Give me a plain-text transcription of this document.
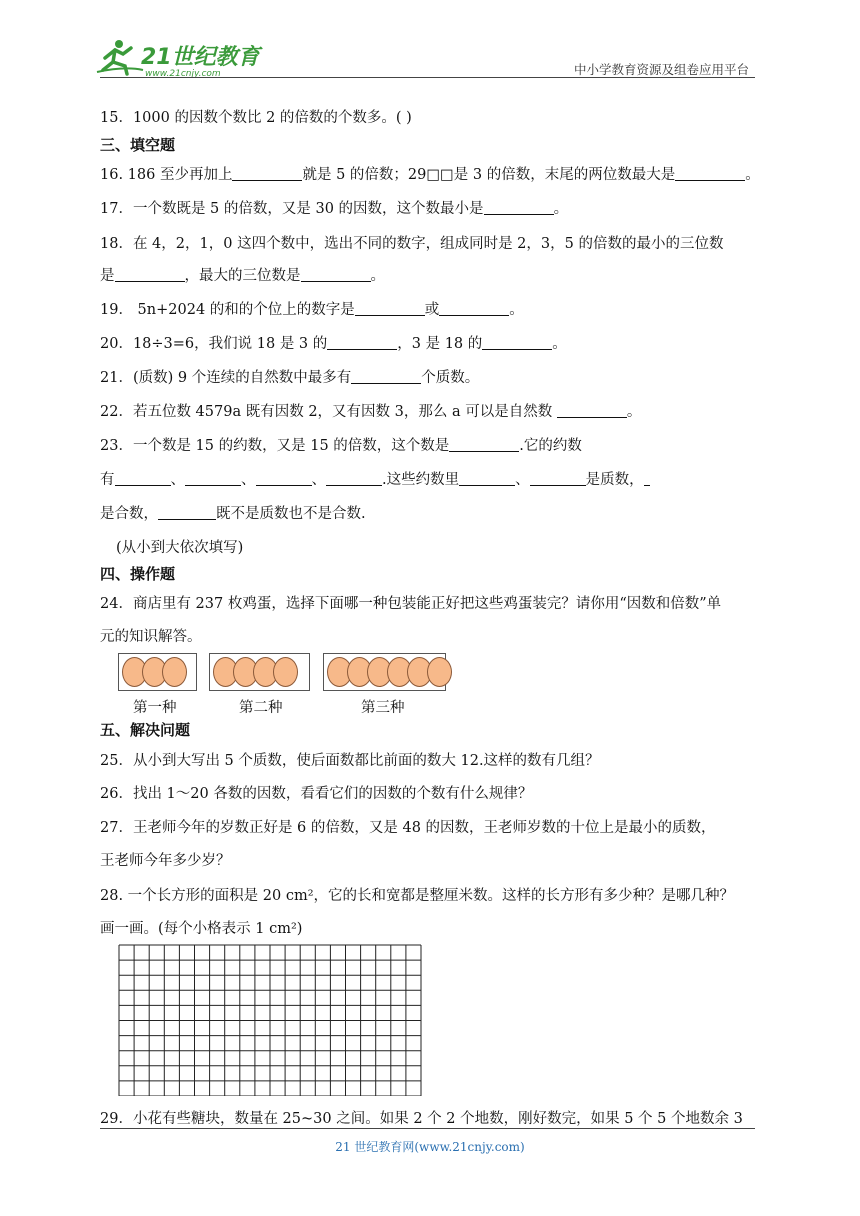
21世纪教育
www.21cnjy.com	中小学教育资源及组卷应用平台
15．1000 的因数个数比 2 的倍数的个数多。( )
三、填空题
16. 186 至少再加上	就是 5 的倍数；29□□是 3 的倍数，末尾的两位数最大是	。
17．一个数既是 5 的倍数，又是 30 的因数，这个数最小是	。
18．在 4，2，1，0 这四个数中，选出不同的数字，组成同时是 2，3，5 的倍数的最小的三位数
是	，最大的三位数是	。
19． 5n+2024 的和的个位上的数字是	或	。
20．18÷3=6，我们说 18 是 3 的	，3 是 18 的	。
21．(质数) 9 个连续的自然数中最多有	个质数。
22．若五位数 4579a 既有因数 2，又有因数 3，那么 a 可以是自然数	。
23．一个数是 15 的约数，又是 15 的倍数，这个数是	.它的约数
有	、	、	、	.这些约数里	、	是质数，
是合数，	既不是质数也不是合数.
(从小到大依次填写)
四、操作题
24．商店里有 237 枚鸡蛋，选择下面哪一种包装能正好把这些鸡蛋装完？请你用“因数和倍数”单
元的知识解答。
第一种	第二种	第三种
五、解决问题
25．从小到大写出 5 个质数，使后面数都比前面的数大 12.这样的数有几组？
26．找出 1～20 各数的因数，看看它们的因数的个数有什么规律？
27．王老师今年的岁数正好是 6 的倍数，又是 48 的因数，王老师岁数的十位上是最小的质数，
王老师今年多少岁？
28. 一个长方形的面积是 20 cm²，它的长和宽都是整厘米数。这样的长方形有多少种？是哪几种？
画一画。(每个小格表示 1 cm²)
29．小花有些糖块，数量在 25~30 之间。如果 2 个 2 个地数，刚好数完，如果 5 个 5 个地数余 3
21 世纪教育网(www.21cnjy.com)
